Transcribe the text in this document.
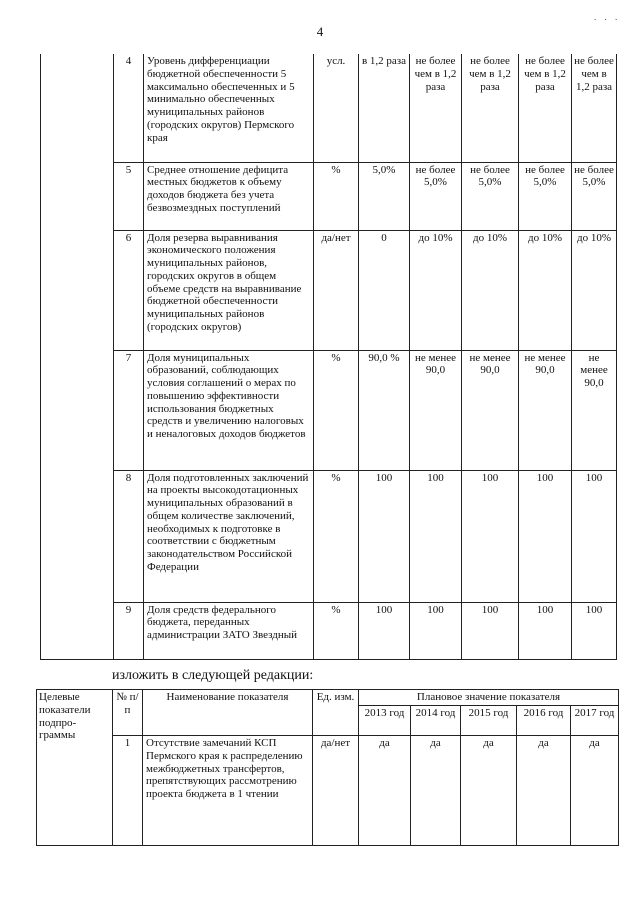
4
. . .
	4	Уровень дифференциации бюджетной обеспеченности 5 максимально обеспеченных и 5 минимально обеспеченных муниципальных районов (городских округов) Пермского края	усл.	в 1,2 раза	не более чем в 1,2 раза	не более чем в 1,2 раза	не более чем в 1,2 раза	не более чем в 1,2 раза
	5	Среднее отношение дефицита местных бюджетов к объему доходов бюджета без учета безвозмездных поступлений	%	5,0%	не более 5,0%	не более 5,0%	не более 5,0%	не более 5,0%
	6	Доля резерва выравнивания экономического положения муниципальных районов, городских округов в общем объеме средств на выравнивание бюджетной обеспеченности муниципальных районов (городских округов)	да/нет	0	до 10%	до 10%	до 10%	до 10%
	7	Доля муниципальных образований, соблюдающих условия соглашений о мерах по повышению эффективности использования бюджетных средств и увеличению налоговых и неналоговых доходов бюджетов	%	90,0 %	не менее 90,0	не менее 90,0	не менее 90,0	не менее 90,0
	8	Доля подготовленных заключений на проекты высокодотационных муниципальных образований в общем количестве заключений, необходимых к подготовке в соответствии с бюджетным законодательством Российской Федерации	%	100	100	100	100	100
	9	Доля средств федерального бюджета, переданных администрации ЗАТО Звездный	%	100	100	100	100	100
изложить в следующей редакции:
Целевые показатели подпро- граммы	№ п/п	Наименование показателя	Ед. изм.	Плановое значение показателя				
				2013 год	2014 год	2015 год	2016 год	2017 год
	1	Отсутствие замечаний КСП Пермского края к распределению межбюджетных трансфертов, препятствующих рассмотрению проекта бюджета в 1 чтении	да/нет	да	да	да	да	да
